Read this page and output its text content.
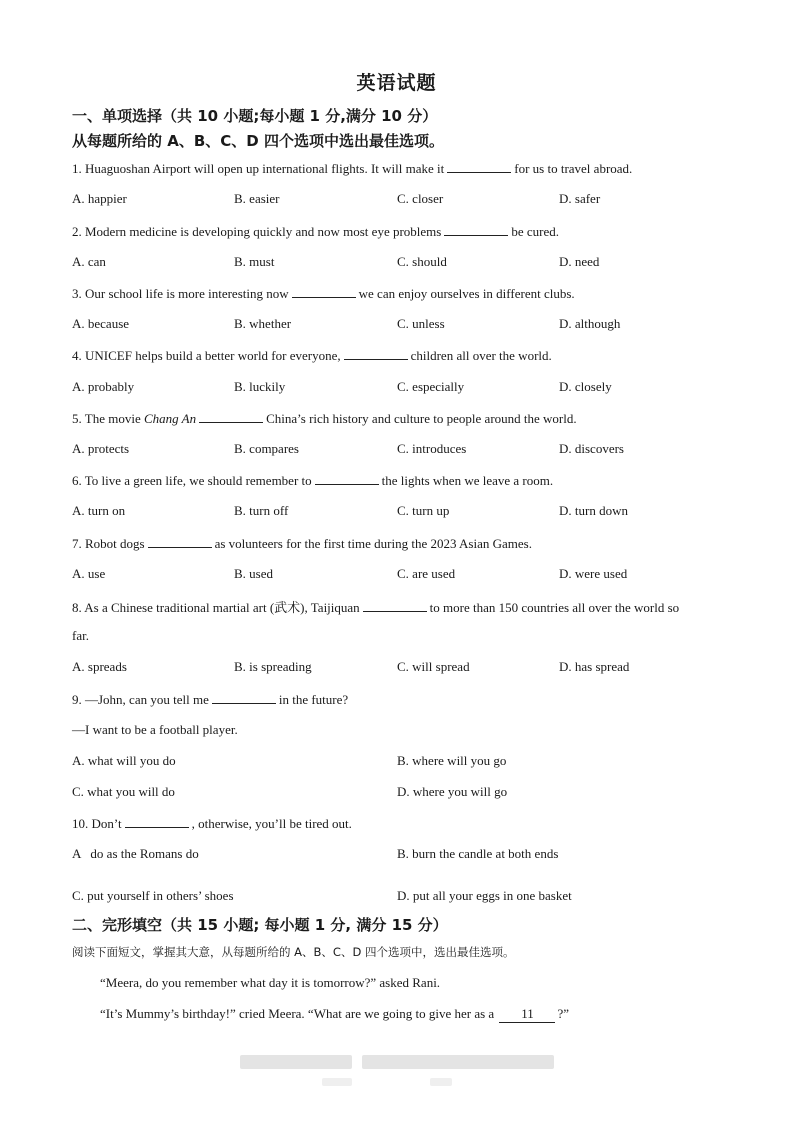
英语试题
一、单项选择（共 10 小题;每小题 1 分,满分 10 分）
从每题所给的 A、B、C、D 四个选项中选出最佳选项。
1. Huaguoshan Airport will open up international flights. It will make it	for us to travel abroad.
A. happier	B. easier	C. closer	D. safer
2. Modern medicine is developing quickly and now most eye problems	be cured.
A. can	B. must	C. should	D. need
3. Our school life is more interesting now	we can enjoy ourselves in different clubs.
A. because	B. whether	C. unless	D. although
4. UNICEF helps build a better world for everyone,	children all over the world.
A. probably	B. luckily	C. especially	D. closely
5. The movie Chang An	China’s rich history and culture to people around the world.
A. protects	B. compares	C. introduces	D. discovers
6. To live a green life, we should remember to	the lights when we leave a room.
A. turn on	B. turn off	C. turn up	D. turn down
7. Robot dogs	as volunteers for the first time during the 2023 Asian Games.
A. use	B. used	C. are used	D. were used
8. As a Chinese traditional martial art (武术), Taijiquan	to more than 150 countries all over the world so
far.
A. spreads	B. is spreading	C. will spread	D. has spread
9. —John, can you tell me	in the future?
—I want to be a football player.
A. what will you do	B. where will you go
C. what you will do	D. where you will go
10. Don’t	, otherwise, you’ll be tired out.
A   do as the Romans do	B. burn the candle at both ends
C. put yourself in others’ shoes	D. put all your eggs in one basket
二、完形填空（共 15 小题; 每小题 1 分, 满分 15 分）
阅读下面短文，掌握其大意，从每题所给的 A、B、C、D 四个选项中，选出最佳选项。
“Meera, do you remember what day it is tomorrow?” asked Rani.
“It’s Mummy’s birthday!” cried Meera. “What are we going to give her as a 11 ?”
